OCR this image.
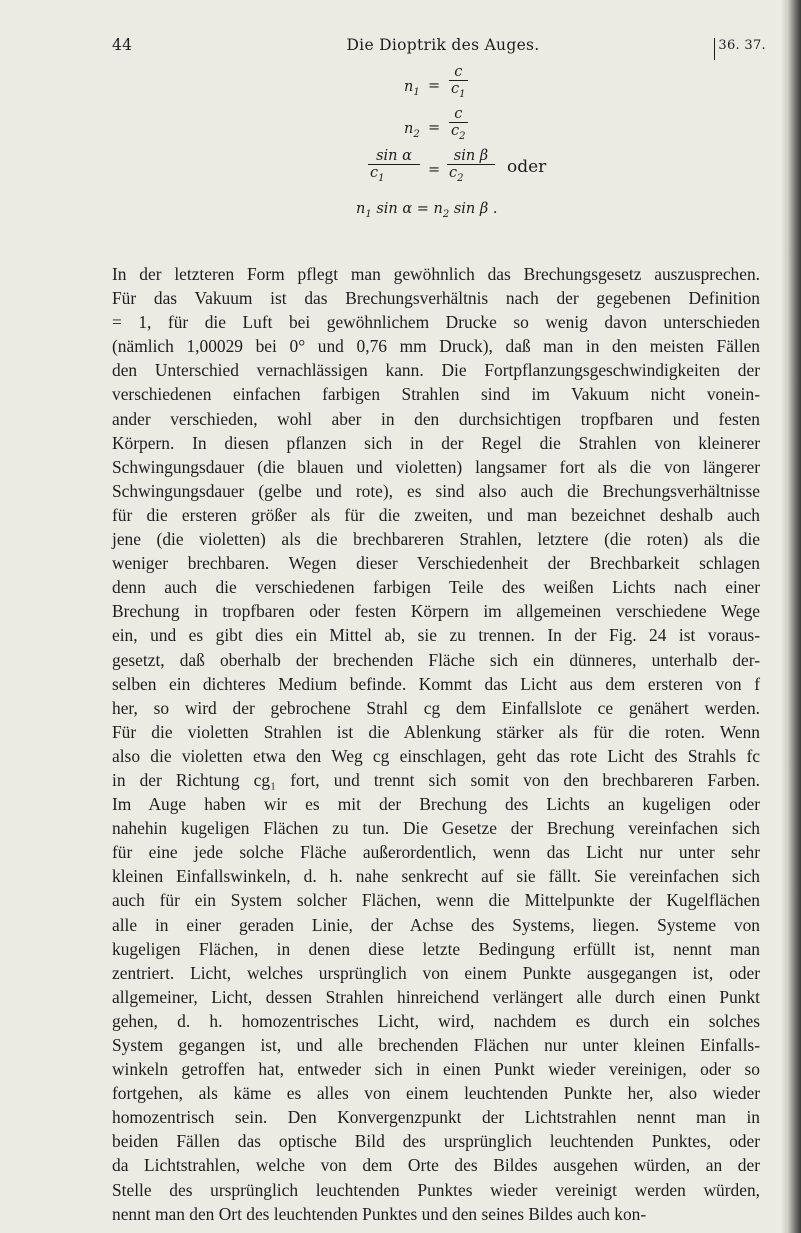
44	Die Dioptrik des Auges.	36. 37.
$n_1$ =
c
$c_1$
$n_2$ =
c
$c_2$
sin α
$c_1$
=
sin β
$c_2$
oder
$n_1$ $\sin \alpha = n_2$ sin β .
In der letzteren Form pflegt man gewöhnlich das Brechungsgesetz auszusprechen.
Für das Vakuum ist das Brechungsverhältnis nach der gegebenen Definition
= 1, für die Luft bei gewöhnlichem Drucke so wenig davon unterschieden
(nämlich 1,00029 bei 0° und 0,76 mm Druck), daß man in den meisten Fällen
den Unterschied vernachlässigen kann. Die Fortpflanzungsgeschwindigkeiten der
verschiedenen einfachen farbigen Strahlen sind im Vakuum nicht vonein-
ander verschieden, wohl aber in den durchsichtigen tropfbaren und festen
Körpern. In diesen pflanzen sich in der Regel die Strahlen von kleinerer
Schwingungsdauer (die blauen und violetten) langsamer fort als die von längerer
Schwingungsdauer (gelbe und rote), es sind also auch die Brechungsverhältnisse
für die ersteren größer als für die zweiten, und man bezeichnet deshalb auch
jene (die violetten) als die brechbareren Strahlen, letztere (die roten) als die
weniger brechbaren. Wegen dieser Verschiedenheit der Brechbarkeit schlagen
denn auch die verschiedenen farbigen Teile des weißen Lichts nach einer
Brechung in tropfbaren oder festen Körpern im allgemeinen verschiedene Wege
ein, und es gibt dies ein Mittel ab, sie zu trennen. In der Fig. 24 ist voraus-
gesetzt, daß oberhalb der brechenden Fläche sich ein dünneres, unterhalb der-
selben ein dichteres Medium befinde. Kommt das Licht aus dem ersteren von f
her, so wird der gebrochene Strahl cg dem Einfallslote ce genähert werden.
Für die violetten Strahlen ist die Ablenkung stärker als für die roten. Wenn
also die violetten etwa den Weg cg einschlagen, geht das rote Licht des Strahls fc
in der Richtung cg₁ fort, und trennt sich somit von den brechbareren Farben.
Im Auge haben wir es mit der Brechung des Lichts an kugeligen oder
nahehin kugeligen Flächen zu tun. Die Gesetze der Brechung vereinfachen sich
für eine jede solche Fläche außerordentlich, wenn das Licht nur unter sehr
kleinen Einfallswinkeln, d. h. nahe senkrecht auf sie fällt. Sie vereinfachen sich
auch für ein System solcher Flächen, wenn die Mittelpunkte der Kugelflächen
alle in einer geraden Linie, der Achse des Systems, liegen. Systeme von
kugeligen Flächen, in denen diese letzte Bedingung erfüllt ist, nennt man
zentriert. Licht, welches ursprünglich von einem Punkte ausgegangen ist, oder
allgemeiner, Licht, dessen Strahlen hinreichend verlängert alle durch einen Punkt
gehen, d. h. homozentrisches Licht, wird, nachdem es durch ein solches
System gegangen ist, und alle brechenden Flächen nur unter kleinen Einfalls-
winkeln getroffen hat, entweder sich in einen Punkt wieder vereinigen, oder so
fortgehen, als käme es alles von einem leuchtenden Punkte her, also wieder
homozentrisch sein. Den Konvergenzpunkt der Lichtstrahlen nennt man in
beiden Fällen das optische Bild des ursprünglich leuchtenden Punktes, oder
da Lichtstrahlen, welche von dem Orte des Bildes ausgehen würden, an der
Stelle des ursprünglich leuchtenden Punktes wieder vereinigt werden würden,
nennt man den Ort des leuchtenden Punktes und den seines Bildes auch kon-
